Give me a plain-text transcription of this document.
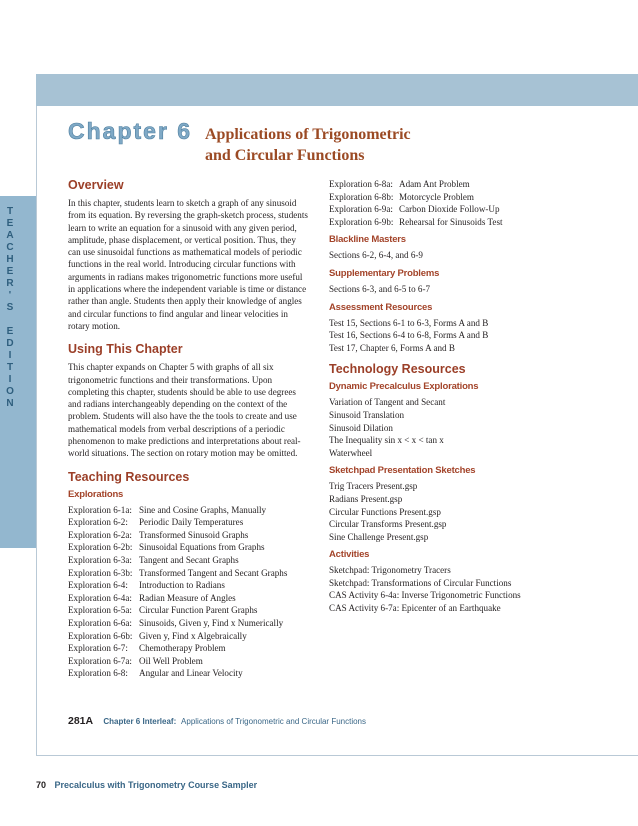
T
E
A
C
H
E
R
'
S

E
D
I
T
I
O
N
Chapter 6 Applications of Trigonometric
and Circular Functions
Overview
In this chapter, students learn to sketch a graph of any sinusoid
from its equation. By reversing the graph-sketch process, students
learn to write an equation for a sinusoid with any given period,
amplitude, phase displacement, or vertical position. Thus, they
can use sinusoidal functions as mathematical models of periodic
functions in the real world. Introducing circular functions with
arguments in radians makes trigonometric functions more useful
in applications where the independent variable is time or distance
rather than angle. Students then apply their knowledge of angles
and circular functions to find angular and linear velocities in
rotary motion.
Using This Chapter
This chapter expands on Chapter 5 with graphs of all six
trigonometric functions and their transformations. Upon
completing this chapter, students should be able to use degrees
and radians interchangeably depending on the context of the
problem. Students will also have the the tools to create and use
mathematical models from verbal descriptions of a periodic
phenomenon to make predictions and interpretations about real-
world situations. The section on rotary motion may be omitted.
Teaching Resources
Explorations
Exploration 6-1a: Sine and Cosine Graphs, Manually
Exploration 6-2:	Periodic Daily Temperatures
Exploration 6-2a: Transformed Sinusoid Graphs
Exploration 6-2b: Sinusoidal Equations from Graphs
Exploration 6-3a: Tangent and Secant Graphs
Exploration 6-3b: Transformed Tangent and Secant Graphs
Exploration 6-4:	Introduction to Radians
Exploration 6-4a: Radian Measure of Angles
Exploration 6-5a: Circular Function Parent Graphs
Exploration 6-6a: Sinusoids, Given y, Find x Numerically
Exploration 6-6b: Given y, Find x Algebraically
Exploration 6-7:	Chemotherapy Problem
Exploration 6-7a: Oil Well Problem
Exploration 6-8:	Angular and Linear Velocity
Exploration 6-8a: Adam Ant Problem
Exploration 6-8b: Motorcycle Problem
Exploration 6-9a: Carbon Dioxide Follow-Up
Exploration 6-9b: Rehearsal for Sinusoids Test
Blackline Masters
Sections 6-2, 6-4, and 6-9
Supplementary Problems
Sections 6-3, and 6-5 to 6-7
Assessment Resources
Test 15, Sections 6-1 to 6-3, Forms A and B
Test 16, Sections 6-4 to 6-8, Forms A and B
Test 17, Chapter 6, Forms A and B
Technology Resources
Dynamic Precalculus Explorations
Variation of Tangent and Secant
Sinusoid Translation
Sinusoid Dilation
The Inequality sin x < x < tan x
Waterwheel
Sketchpad Presentation Sketches
Trig Tracers Present.gsp
Radians Present.gsp
Circular Functions Present.gsp
Circular Transforms Present.gsp
Sine Challenge Present.gsp
Activities
Sketchpad: Trigonometry Tracers
Sketchpad: Transformations of Circular Functions
CAS Activity 6-4a: Inverse Trigonometric Functions
CAS Activity 6-7a: Epicenter of an Earthquake
281A Chapter 6 Interleaf: Applications of Trigonometric and Circular Functions
70 Precalculus with Trigonometry Course Sampler
